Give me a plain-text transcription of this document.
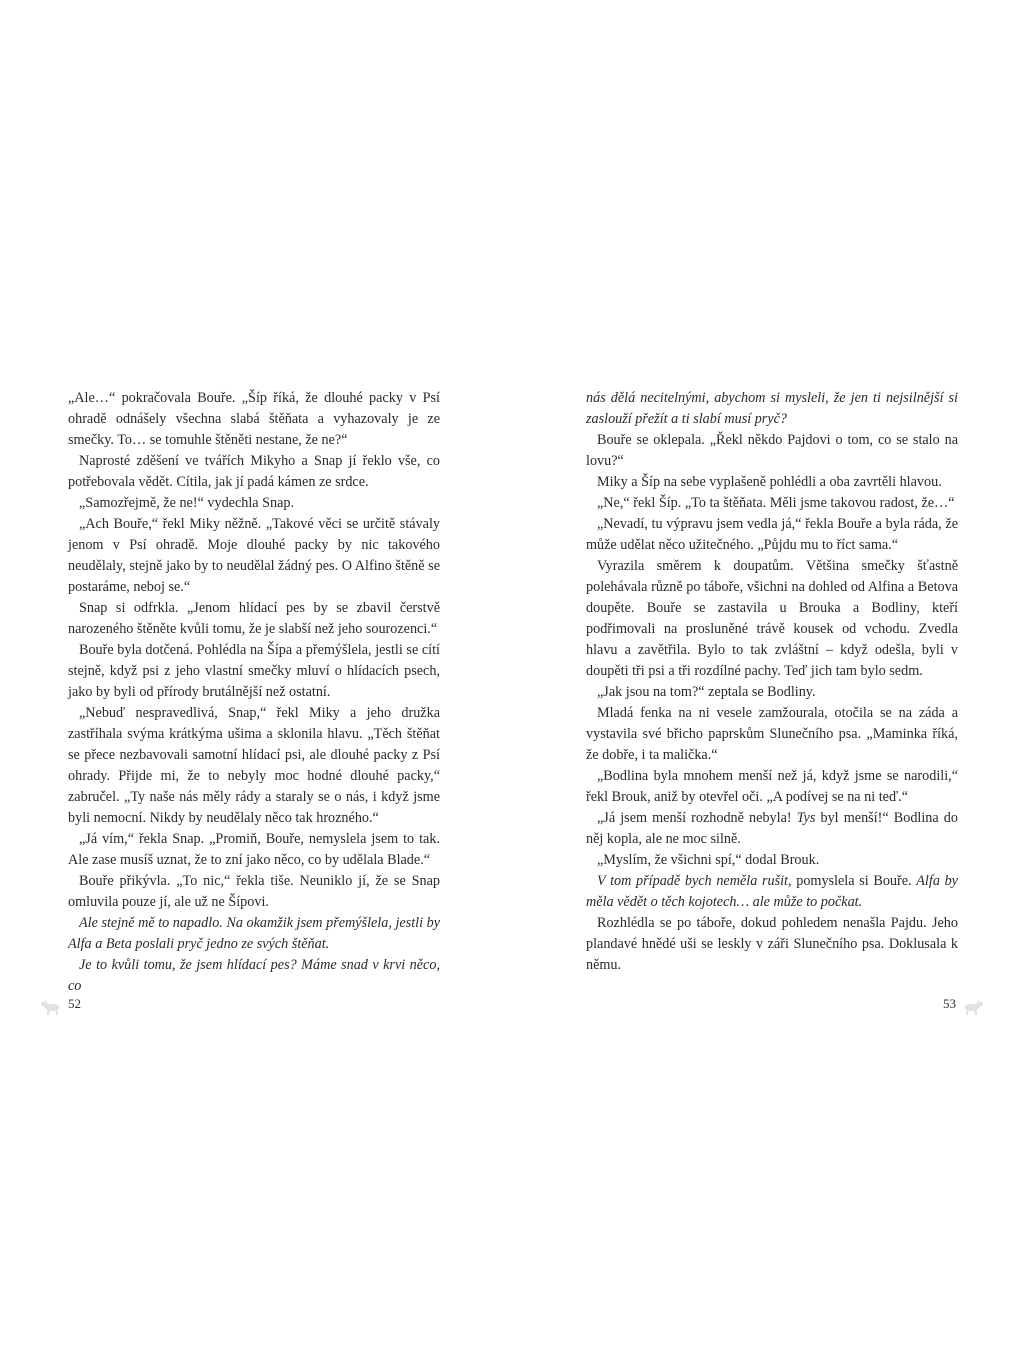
„Ale…“ pokračovala Bouře. „Šíp říká, že dlouhé packy v Psí ohradě odnášely všechna slabá štěňata a vyhazovaly je ze smečky. To… se tomuhle štěněti nestane, že ne?“

Naprosté zděšení ve tvářích Mikyho a Snap jí řeklo vše, co potřebovala vědět. Cítila, jak jí padá kámen ze srdce.

„Samozřejmě, že ne!“ vydechla Snap.

„Ach Bouře,“ řekl Miky něžně. „Takové věci se určitě stávaly jenom v Psí ohradě. Moje dlouhé packy by nic takového neudělaly, stejně jako by to neudělal žádný pes. O Alfino štěně se postaráme, neboj se.“

Snap si odfrkla. „Jenom hlídací pes by se zbavil čerstvě narozeného štěněte kvůli tomu, že je slabší než jeho sourozenci.“

Bouře byla dotčená. Pohlédla na Šípa a přemýšlela, jestli se cítí stejně, když psi z jeho vlastní smečky mluví o hlídacích psech, jako by byli od přírody brutálnější než ostatní.

„Nebuď nespravedlivá, Snap,“ řekl Miky a jeho družka zastříhala svýma krátkýma ušima a sklonila hlavu. „Těch štěňat se přece nezbavovali samotní hlídací psi, ale dlouhé packy z Psí ohrady. Přijde mi, že to nebyly moc hodné dlouhé packy,“ zabručel. „Ty naše nás měly rády a staraly se o nás, i když jsme byli nemocní. Nikdy by neudělaly něco tak hrozného.“

„Já vím,“ řekla Snap. „Promiň, Bouře, nemyslela jsem to tak. Ale zase musíš uznat, že to zní jako něco, co by udělala Blade.“

Bouře přikývla. „To nic,“ řekla tiše. Neuniklo jí, že se Snap omluvila pouze jí, ale už ne Šípovi.

Ale stejně mě to napadlo. Na okamžik jsem přemýšlela, jestli by Alfa a Beta poslali pryč jedno ze svých štěňat.

Je to kvůli tomu, že jsem hlídací pes? Máme snad v krvi něco, co

nás dělá necitelnými, abychom si mysleli, že jen ti nejsilnější si zaslouží přežít a ti slabí musí pryč?

Bouře se oklepala. „Řekl někdo Pajdovi o tom, co se stalo na lovu?“

Miky a Šíp na sebe vyplašeně pohlédli a oba zavrtěli hlavou.

„Ne,“ řekl Šíp. „To ta štěňata. Měli jsme takovou radost, že…“

„Nevadí, tu výpravu jsem vedla já,“ řekla Bouře a byla ráda, že může udělat něco užitečného. „Půjdu mu to říct sama.“

Vyrazila směrem k doupatům. Většina smečky šťastně polehávala různě po táboře, všichni na dohled od Alfina a Betova doupěte. Bouře se zastavila u Brouka a Bodliny, kteří podřimovali na prosluněné trávě kousek od vchodu. Zvedla hlavu a zavětřila. Bylo to tak zvláštní – když odešla, byli v doupěti tři psi a tři rozdílné pachy. Teď jich tam bylo sedm.

„Jak jsou na tom?“ zeptala se Bodliny.

Mladá fenka na ni vesele zamžourala, otočila se na záda a vystavila své břicho paprskům Slunečního psa. „Maminka říká, že dobře, i ta malička.“

„Bodlina byla mnohem menší než já, když jsme se narodili,“ řekl Brouk, aniž by otevřel oči. „A podívej se na ni teď.“

„Já jsem menší rozhodně nebyla! Tys byl menší!“ Bodlina do něj kopla, ale ne moc silně.

„Myslím, že všichni spí,“ dodal Brouk.

V tom případě bych neměla rušit, pomyslela si Bouře. Alfa by měla vědět o těch kojotech… ale může to počkat.

Rozhlédla se po táboře, dokud pohledem nenašla Pajdu. Jeho plandavé hnědé uši se leskly v záři Slunečního psa. Doklusala k němu.

52	53
